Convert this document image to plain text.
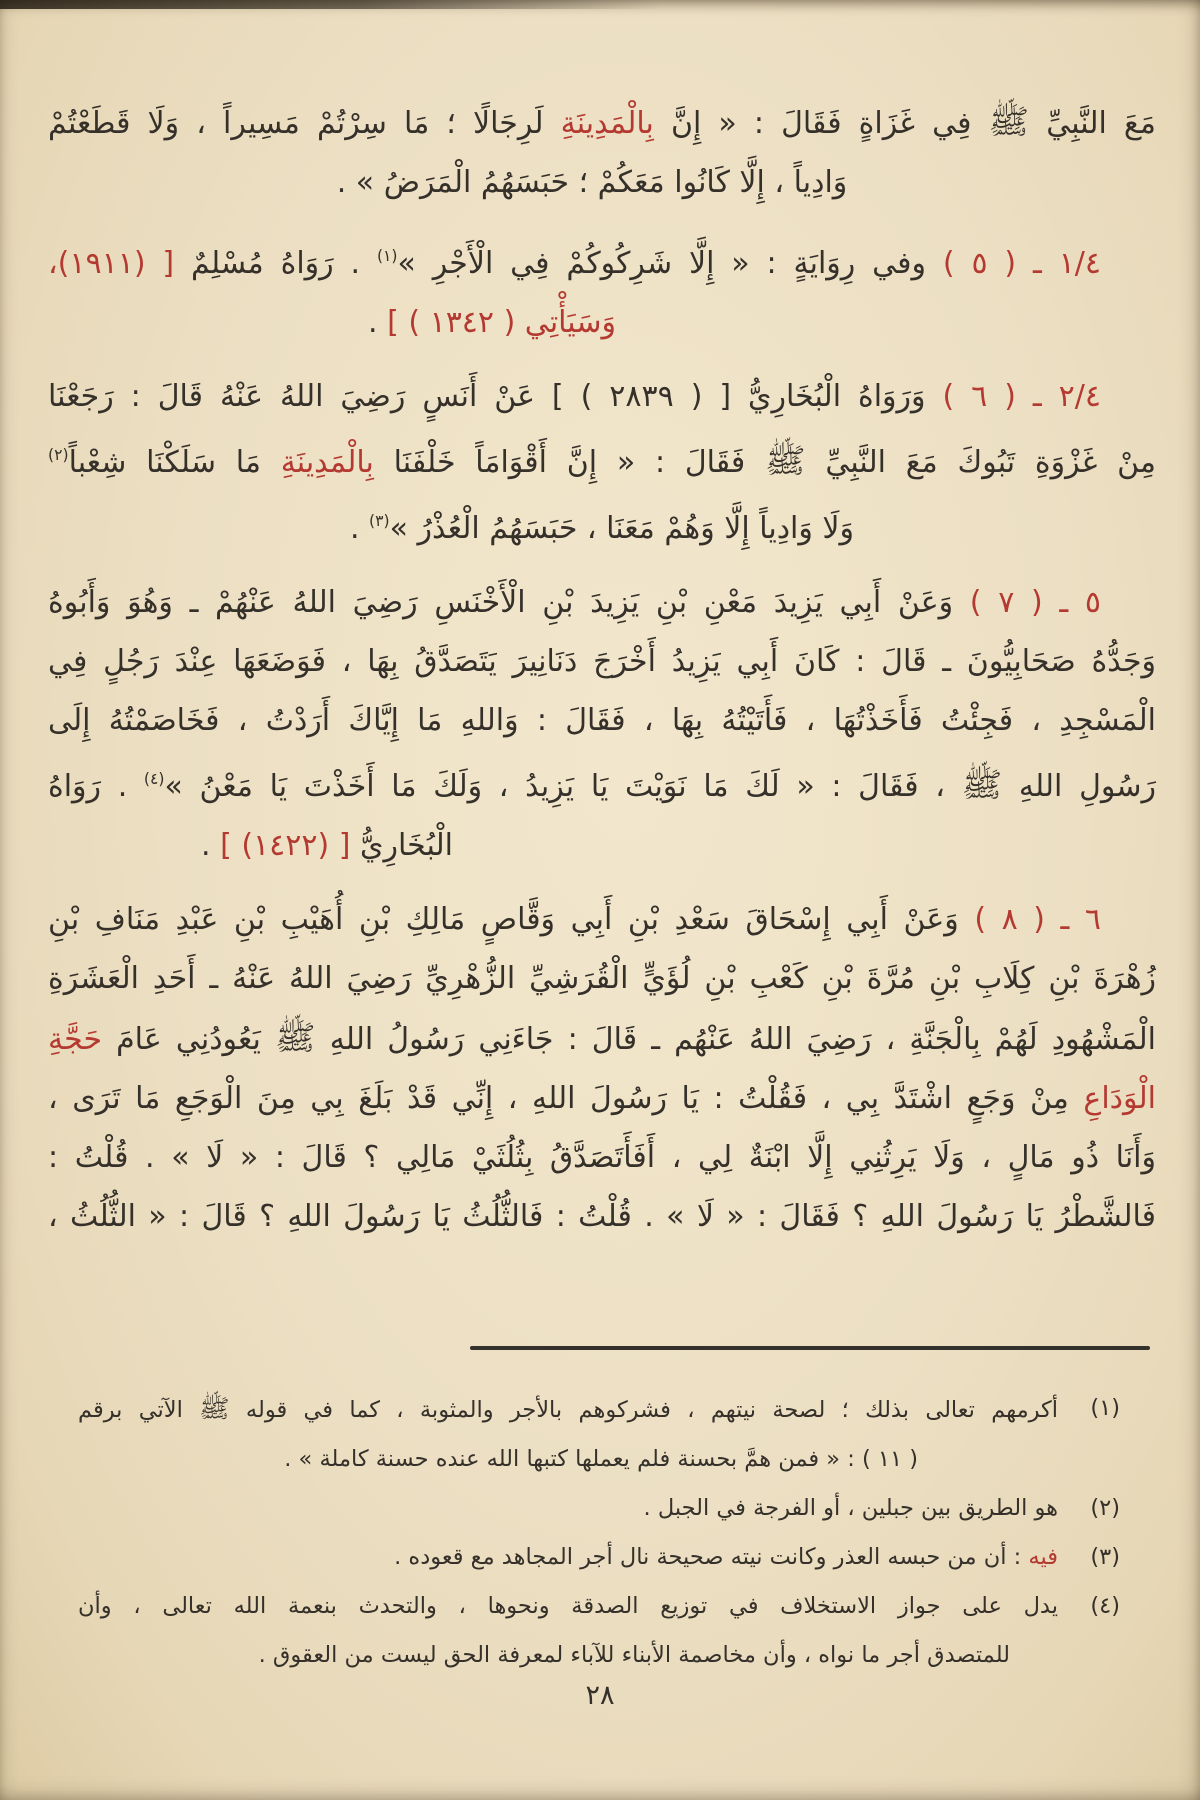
مَعَ النَّبِيِّ ﷺ فِي غَزَاةٍ فَقَالَ : « إِنَّ بِالْمَدِينَةِ لَرِجَالًا ؛ مَا سِرْتُمْ مَسِيراً ، وَلَا قَطَعْتُمْ
وَادِياً ، إِلَّا كَانُوا مَعَكُمْ ؛ حَبَسَهُمُ الْمَرَضُ » .
١/٤ ـ ( ٥ ) وفي رِوَايَةٍ : « إِلَّا شَرِكُوكُمْ فِي الْأَجْرِ »$^{(١)}$ . رَوَاهُ مُسْلِمٌ [ (١٩١١)،
وَسَيَأْتِي ( ١٣٤٢ ) ] .
٢/٤ ـ ( ٦ ) وَرَوَاهُ الْبُخَارِيُّ [ ( ٢٨٣٩ ) ] عَنْ أَنَسٍ رَضِيَ اللهُ عَنْهُ قَالَ : رَجَعْنَا
مِنْ غَزْوَةِ تَبُوكَ مَعَ النَّبِيِّ ﷺ فَقَالَ : « إِنَّ أَقْوَامَاً خَلْفَنَا بِالْمَدِينَةِ مَا سَلَكْنَا شِعْباً$^{(٢)}$
وَلَا وَادِياً إِلَّا وَهُمْ مَعَنَا ، حَبَسَهُمُ الْعُذْرُ »$^{(٣)}$ .
٥ ـ ( ٧ ) وَعَنْ أَبِي يَزِيدَ مَعْنِ بْنِ يَزِيدَ بْنِ الْأَخْنَسِ رَضِيَ اللهُ عَنْهُمْ ـ وَهُوَ وَأَبُوهُ
وَجَدُّهُ صَحَابِيُّونَ ـ قَالَ : كَانَ أَبِي يَزِيدُ أَخْرَجَ دَنَانِيرَ يَتَصَدَّقُ بِهَا ، فَوَضَعَهَا عِنْدَ رَجُلٍ فِي
الْمَسْجِدِ ، فَجِئْتُ فَأَخَذْتُهَا ، فَأَتَيْتُهُ بِهَا ، فَقَالَ : وَاللهِ مَا إِيَّاكَ أَرَدْتُ ، فَخَاصَمْتُهُ إِلَى
رَسُولِ اللهِ ﷺ ، فَقَالَ : « لَكَ مَا نَوَيْتَ يَا يَزِيدُ ، وَلَكَ مَا أَخَذْتَ يَا مَعْنُ »$^{(٤)}$ . رَوَاهُ
الْبُخَارِيُّ [ (١٤٢٢) ] .
٦ ـ ( ٨ ) وَعَنْ أَبِي إِسْحَاقَ سَعْدِ بْنِ أَبِي وَقَّاصٍ مَالِكِ بْنِ أُهَيْبِ بْنِ عَبْدِ مَنَافِ بْنِ
زُهْرَةَ بْنِ كِلَابِ بْنِ مُرَّةَ بْنِ كَعْبِ بْنِ لُؤَيٍّ الْقُرَشِيِّ الزُّهْرِيِّ رَضِيَ اللهُ عَنْهُ ـ أَحَدِ الْعَشَرَةِ
الْمَشْهُودِ لَهُمْ بِالْجَنَّةِ ، رَضِيَ اللهُ عَنْهُم ـ قَالَ : جَاءَنِي رَسُولُ اللهِ ﷺ يَعُودُنِي عَامَ حَجَّةِ
الْوَدَاعِ مِنْ وَجَعٍ اشْتَدَّ بِي ، فَقُلْتُ : يَا رَسُولَ اللهِ ، إِنِّي قَدْ بَلَغَ بِي مِنَ الْوَجَعِ مَا تَرَى ،
وَأَنَا ذُو مَالٍ ، وَلَا يَرِثُنِي إِلَّا ابْنَةٌ لِي ، أَفَأَتَصَدَّقُ بِثُلُثَيْ مَالِي ؟ قَالَ : « لَا » . قُلْتُ :
فَالشَّطْرُ يَا رَسُولَ اللهِ ؟ فَقَالَ : « لَا » . قُلْتُ : فَالثُّلُثُ يَا رَسُولَ اللهِ ؟ قَالَ : « الثُّلُثُ ،
(١)
أكرمهم تعالى بذلك ؛ لصحة نيتهم ، فشركوهم بالأجر والمثوبة ، كما في قوله ﷺ الآتي برقم
( ١١ ) : « فمن همَّ بحسنة فلم يعملها كتبها الله عنده حسنة كاملة » .
(٢)
هو الطريق بين جبلين ، أو الفرجة في الجبل .
(٣)
فيه : أن من حبسه العذر وكانت نيته صحيحة نال أجر المجاهد مع قعوده .
(٤)
يدل على جواز الاستخلاف في توزيع الصدقة ونحوها ، والتحدث بنعمة الله تعالى ، وأن
للمتصدق أجر ما نواه ، وأن مخاصمة الأبناء للآباء لمعرفة الحق ليست من العقوق .
٢٨
